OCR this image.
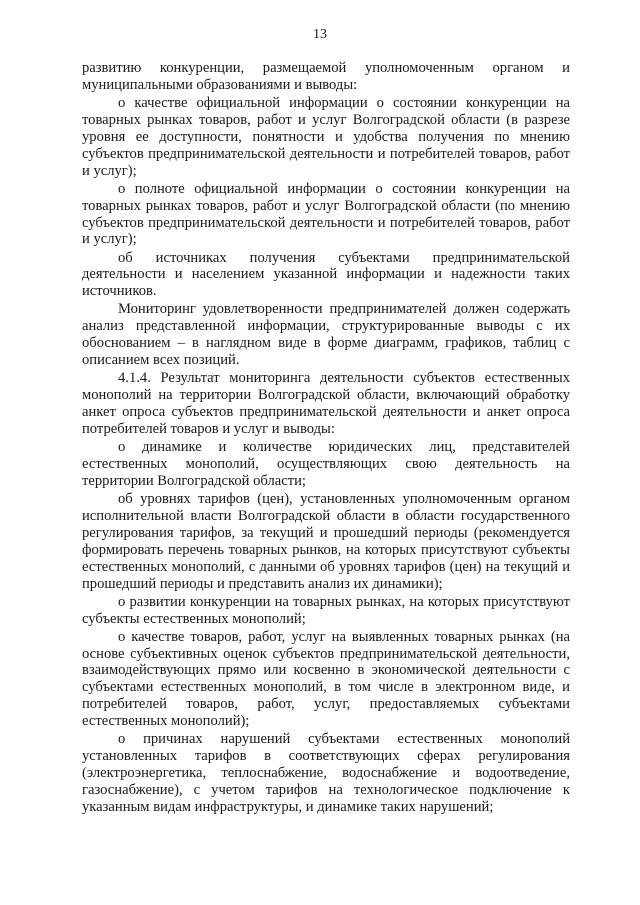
13

развитию конкуренции, размещаемой уполномоченным органом и муниципальными образованиями и выводы:

о качестве официальной информации о состоянии конкуренции на товарных рынках товаров, работ и услуг Волгоградской области (в разрезе уровня ее доступности, понятности и удобства получения по мнению субъектов предпринимательской деятельности и потребителей товаров, работ и услуг);

о полноте официальной информации о состоянии конкуренции на товарных рынках товаров, работ и услуг Волгоградской области (по мнению субъектов предпринимательской деятельности и потребителей товаров, работ и услуг);

об источниках получения субъектами предпринимательской деятельности и населением указанной информации и надежности таких источников.

Мониторинг удовлетворенности предпринимателей должен содержать анализ представленной информации, структурированные выводы с их обоснованием – в наглядном виде в форме диаграмм, графиков, таблиц с описанием всех позиций.

4.1.4. Результат мониторинга деятельности субъектов естественных монополий на территории Волгоградской области, включающий обработку анкет опроса субъектов предпринимательской деятельности и анкет опроса потребителей товаров и услуг и выводы:

о динамике и количестве юридических лиц, представителей естественных монополий, осуществляющих свою деятельность на территории Волгоградской области;

об уровнях тарифов (цен), установленных уполномоченным органом исполнительной власти Волгоградской области в области государственного регулирования тарифов, за текущий и прошедший периоды (рекомендуется формировать перечень товарных рынков, на которых присутствуют субъекты естественных монополий, с данными об уровнях тарифов (цен) на текущий и прошедший периоды и представить анализ их динамики);

о развитии конкуренции на товарных рынках, на которых присутствуют субъекты естественных монополий;

о качестве товаров, работ, услуг на выявленных товарных рынках (на основе субъективных оценок субъектов предпринимательской деятельности, взаимодействующих прямо или косвенно в экономической деятельности с субъектами естественных монополий, в том числе в электронном виде, и потребителей товаров, работ, услуг, предоставляемых субъектами естественных монополий);

о причинах нарушений субъектами естественных монополий установленных тарифов в соответствующих сферах регулирования (электроэнергетика, теплоснабжение, водоснабжение и водоотведение, газоснабжение), с учетом тарифов на технологическое подключение к указанным видам инфраструктуры, и динамике таких нарушений;
